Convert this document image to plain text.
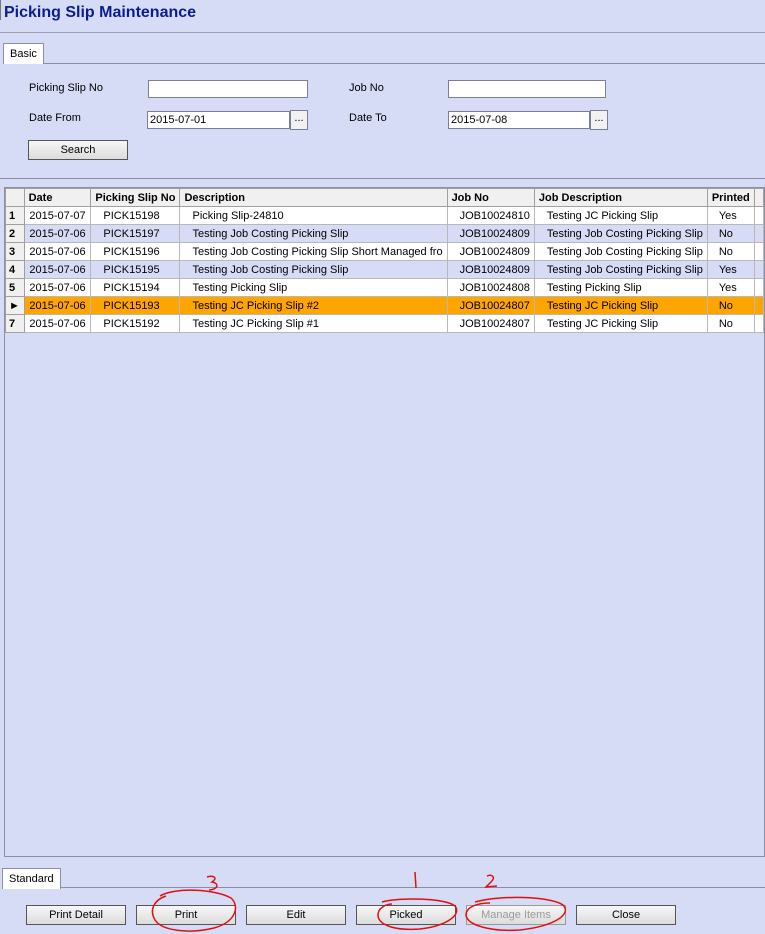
Picking Slip Maintenance
Basic
Picking Slip No	Job No
Date From
2015-07-01	...	Date To
2015-07-08	...
Search
	Date	Picking Slip No	Description	Job No	Job Description	Printed	
1	2015-07-07	PICK15198	Picking Slip-24810	JOB10024810	Testing JC Picking Slip	Yes	
2	2015-07-06	PICK15197	Testing Job Costing Picking Slip	JOB10024809	Testing Job Costing Picking Slip	No	
3	2015-07-06	PICK15196	Testing Job Costing Picking Slip Short Managed fro	JOB10024809	Testing Job Costing Picking Slip	No	
4	2015-07-06	PICK15195	Testing Job Costing Picking Slip	JOB10024809	Testing Job Costing Picking Slip	Yes	
5	2015-07-06	PICK15194	Testing Picking Slip	JOB10024808	Testing Picking Slip	Yes	
►	2015-07-06	PICK15193	Testing JC Picking Slip #2	JOB10024807	Testing JC Picking Slip	No	
7	2015-07-06	PICK15192	Testing JC Picking Slip #1	JOB10024807	Testing JC Picking Slip	No	
Standard
Print Detail	Print	Edit	Picked	Manage Items	Close
